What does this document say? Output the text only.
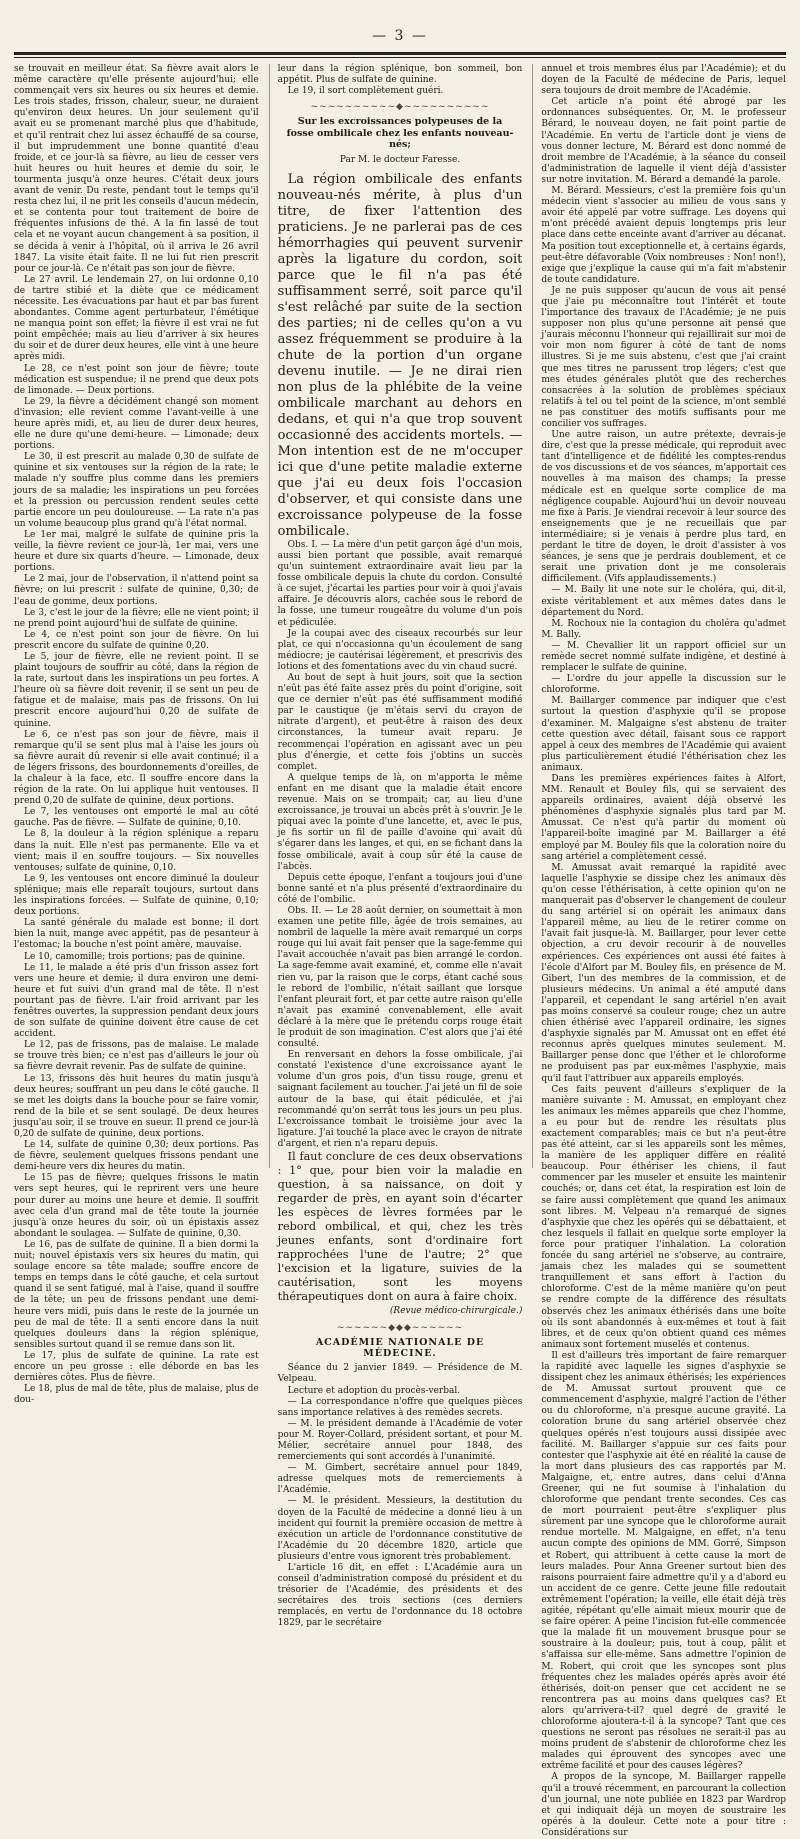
— 3 —

se trouvait en meilleur état. Sa fièvre avait alors le même caractère qu'elle présente aujourd'hui; elle commençait vers six heures ou six heures et demie. Les trois stades, frisson, chaleur, sueur, ne duraient qu'environ deux heures. Un jour seulement qu'il avait eu se promenant marché plus que d'habitude, et qu'il rentrait chez lui assez échauffé de sa course, il but imprudemment une bonne quantité d'eau froide, et ce jour-là sa fièvre, au lieu de cesser vers huit heures ou huit heures et demie du soir, le tourmenta jusqu'à onze heures. C'était deux jours avant de venir. Du reste, pendant tout le temps qu'il resta chez lui, il ne prit les conseils d'aucun médecin, et se contenta pour tout traitement de boire de fréquentes infusions de thé. A la fin lassé de tout cela et ne voyant aucun changement à sa position, il se décida à venir à l'hôpital, où il arriva le 26 avril 1847. La visite était faite. Il ne lui fut rien prescrit pour ce jour-là. Ce n'était pas son jour de fièvre.

Le 27 avril. Le lendemain 27, on lui ordonne 0,10 de tartre stibié et la diète que ce médicament nécessite. Les évacuations par haut et par bas furent abondantes. Comme agent perturbateur, l'émétique ne manqua point son effet; la fièvre il est vrai ne fut point empêchée; mais au lieu d'arriver à six heures du soir et de durer deux heures, elle vint à une heure après midi.

Le 28, ce n'est point son jour de fièvre; toute médication est suspendue; il ne prend que deux pots de limonade. — Deux portions.

Le 29, la fièvre a décidément changé son moment d'invasion; elle revient comme l'avant-veille à une heure après midi, et, au lieu de durer deux heures, elle ne dure qu'une demi-heure. — Limonade; deux portions.

Le 30, il est prescrit au malade 0,30 de sulfate de quinine et six ventouses sur la région de la rate; le malade n'y souffre plus comme dans les premiers jours de sa maladie; les inspirations un peu forcées et la pression ou percussion rendent seules cette partie encore un peu douloureuse. — La rate n'a pas un volume beaucoup plus grand qu'à l'état normal.

Le 1er mai, malgré le sulfate de quinine pris la veille, la fièvre revient ce jour-là, 1er mai, vers une heure et dure six quarts d'heure. — Limonade, deux portions.

Le 2 mai, jour de l'observation, il n'attend point sa fièvre; on lui prescrit : sulfate de quinine, 0,30; de l'eau de gomme, deux portions.

Le 3, c'est le jour de la fièvre; elle ne vient point; il ne prend point aujourd'hui de sulfate de quinine.

Le 4, ce n'est point son jour de fièvre. On lui prescrit encore du sulfate de quinine 0,20.

Le 5, jour de fièvre, elle ne revient point. Il se plaint toujours de souffrir au côté, dans la région de la rate, surtout dans les inspirations un peu fortes. A l'heure où sa fièvre doit revenir, il se sent un peu de fatigue et de malaise, mais pas de frissons. On lui prescrit encore aujourd'hui 0,20 de sulfate de quinine.

Le 6, ce n'est pas son jour de fièvre, mais il remarque qu'il se sent plus mal à l'aise les jours où sa fièvre aurait dû revenir si elle avait continué; il a de légers frissons, des bourdonnements d'oreilles, de la chaleur à la face, etc. Il souffre encore dans la région de la rate. On lui applique huit ventouses. Il prend 0,20 de sulfate de quinine, deux portions.

Le 7, les ventouses ont emporté le mal au côté gauche. Pas de fièvre. — Sulfate de quinine, 0,10.

Le 8, la douleur à la région splénique a reparu dans la nuit. Elle n'est pas permanente. Elle va et vient; mais il en souffre toujours. — Six nouvelles ventouses; sulfate de quinine, 0,10.

Le 9, les ventouses ont encore diminué la douleur splénique; mais elle reparaît toujours, surtout dans les inspirations forcées. — Sulfate de quinine, 0,10; deux portions.

La santé générale du malade est bonne; il dort bien la nuit, mange avec appétit, pas de pesanteur à l'estomac; la bouche n'est point amère, mauvaise.

Le 10, camomille; trois portions; pas de quinine.

Le 11, le malade a été pris d'un frisson assez fort vers une heure et demie; il dura environ une demi-heure et fut suivi d'un grand mal de tête. Il n'est pourtant pas de fièvre. L'air froid arrivant par les fenêtres ouvertes, la suppression pendant deux jours de son sulfate de quinine doivent être cause de cet accident.

Le 12, pas de frissons, pas de malaise. Le malade se trouve très bien; ce n'est pas d'ailleurs le jour où sa fièvre devrait revenir. Pas de sulfate de quinine.

Le 13, frissons dès huit heures du matin jusqu'à deux heures; souffrant un peu dans le côté gauche. Il se met les doigts dans la bouche pour se faire vomir, rend de la bile et se sent soulagé. De deux heures jusqu'au soir, il se trouve en sueur. Il prend ce jour-là 0,20 de sulfate de quinine, deux portions.

Le 14, sulfate de quinine 0,30; deux portions. Pas de fièvre, seulement quelques frissons pendant une demi-heure vers dix heures du matin.

Le 15 pas de fièvre; quelques frissons le matin vers sept heures, qui le reprirent vers une heure pour durer au moins une heure et demie. Il souffrit avec cela d'un grand mal de tête toute la journée jusqu'à onze heures du soir, où un épistaxis assez abondant le soulagea. — Sulfate de quinine, 0,30.

Le 16, pas de sulfate de quinine. Il a bien dormi la nuit; nouvel épistaxis vers six heures du matin, qui soulage encore sa tête malade; souffre encore de temps en temps dans le côté gauche, et cela surtout quand il se sent fatigué, mal à l'aise, quand il souffre de la tête; un peu de frissons pendant une demi-heure vers midi, puis dans le reste de la journée un peu de mal de tête. Il a senti encore dans la nuit quelques douleurs dans la région splénique, sensibles surtout quand il se remue dans son lit.

Le 17, plus de sulfate de quinine. La rate est encore un peu grosse : elle déborde en bas les dernières côtes. Plus de fièvre.

Le 18, plus de mal de tête, plus de malaise, plus de dou-

leur dans la région splénique, bon sommeil, bon appétit. Plus de sulfate de quinine.

Le 19, il sort complètement guéri.

~~~~~~~~~~◆~~~~~~~~~~
Sur les excroissances polypeuses de la fosse ombilicale chez les enfants nouveau-nés;
Par M. le docteur Faresse.

La région ombilicale des enfants nouveau-nés mérite, à plus d'un titre, de fixer l'attention des praticiens. Je ne parlerai pas de ces hémorrhagies qui peuvent survenir après la ligature du cordon, soit parce que le fil n'a pas été suffisamment serré, soit parce qu'il s'est relâché par suite de la section des parties; ni de celles qu'on a vu assez fréquemment se produire à la chute de la portion d'un organe devenu inutile. — Je ne dirai rien non plus de la phlébite de la veine ombilicale marchant au dehors en dedans, et qui n'a que trop souvent occasionné des accidents mortels. — Mon intention est de ne m'occuper ici que d'une petite maladie externe que j'ai eu deux fois l'occasion d'observer, et qui consiste dans une excroissance polypeuse de la fosse ombilicale.

Obs. I. — La mère d'un petit garçon âgé d'un mois, aussi bien portant que possible, avait remarqué qu'un suintement extraordinaire avait lieu par la fosse ombilicale depuis la chute du cordon. Consulté à ce sujet, j'écartai les parties pour voir à quoi j'avais affaire. Je découvris alors, cachée sous le rebord de la fosse, une tumeur rougeâtre du volume d'un pois et pédiculée.

Je la coupai avec des ciseaux recourbés sur leur plat, ce qui n'occasionna qu'un écoulement de sang médiocre; je cautérisai légèrement, et prescrivis des lotions et des fomentations avec du vin chaud sucré.

Au bout de sept à huit jours, soit que la section n'eût pas été faite assez près du point d'origine, soit que ce dernier n'eût pas été suffisamment modifié par le caustique (je m'étais servi du crayon de nitrate d'argent), et peut-être à raison des deux circonstances, la tumeur avait reparu. Je recommençai l'opération en agissant avec un peu plus d'énergie, et cette fois j'obtins un succès complet.

A quelque temps de là, on m'apporta le même enfant en me disant que la maladie était encore revenue. Mais on se trompait; car, au lieu d'une excroissance, je trouvai un abcès prêt à s'ouvrir. Je le piquai avec la pointe d'une lancette, et, avec le pus, je fis sortir un fil de paille d'avoine qui avait dû s'égarer dans les langes, et qui, en se fichant dans la fosse ombilicale, avait à coup sûr été la cause de l'abcès.

Depuis cette époque, l'enfant a toujours joui d'une bonne santé et n'a plus présenté d'extraordinaire du côté de l'ombilic.

Obs. II. — Le 28 août dernier, on soumettait à mon examen une petite fille, âgée de trois semaines, au nombril de laquelle la mère avait remarqué un corps rouge qui lui avait fait penser que la sage-femme qui l'avait accouchée n'avait pas bien arrangé le cordon. La sage-femme avait examiné, et, comme elle n'avait rien vu, par la raison que le corps, étant caché sous le rebord de l'ombilic, n'était saillant que lorsque l'enfant pleurait fort, et par cette autre raison qu'elle n'avait pas examiné convenablement, elle avait déclaré à la mère que le prétendu corps rouge était le produit de son imagination. C'est alors que j'ai été consulté.

En renversant en dehors la fosse ombilicale, j'ai constaté l'existence d'une excroissance ayant le volume d'un gros pois, d'un tissu rouge, grenu et saignant facilement au toucher. J'ai jeté un fil de soie autour de la base, qui était pédiculée, et j'ai recommandé qu'on serrât tous les jours un peu plus. L'excroissance tombait le troisième jour avec la ligature. J'ai touché la place avec le crayon de nitrate d'argent, et rien n'a reparu depuis.

Il faut conclure de ces deux observations : 1° que, pour bien voir la maladie en question, à sa naissance, on doit y regarder de près, en ayant soin d'écarter les espèces de lèvres formées par le rebord ombilical, et qui, chez les très jeunes enfants, sont d'ordinaire fort rapprochées l'une de l'autre; 2° que l'excision et la ligature, suivies de la cautérisation, sont les moyens thérapeutiques dont on aura à faire choix.

(Revue médico-chirurgicale.)
~~~~~~◆◆◆~~~~~~
ACADÉMIE NATIONALE DE MÉDECINE.

Séance du 2 janvier 1849. — Présidence de M. Velpeau.

Lecture et adoption du procès-verbal.

— La correspondance n'offre que quelques pièces sans importance relatives à des remèdes secrets.

— M. le président demande à l'Académie de voter pour M. Royer-Collard, président sortant, et pour M. Mélier, secrétaire annuel pour 1848, des remerciements qui sont accordés à l'unanimité.

— M. Gimbert, secrétaire annuel pour 1849, adresse quelques mots de remerciements à l'Académie.

— M. le président. Messieurs, la destitution du doyen de la Faculté de médecine a donné lieu à un incident qui fournit la première occasion de mettre à exécution un article de l'ordonnance constitutive de l'Académie du 20 décembre 1820, article que plusieurs d'entre vous ignorent très probablement.

L'article 16 dit, en effet : L'Académie aura un conseil d'administration composé du président et du trésorier de l'Académie, des présidents et des secrétaires des trois sections (ces derniers remplacés, en vertu de l'ordonnance du 18 octobre 1829, par le secrétaire

annuel et trois membres élus par l'Académie); et du doyen de la Faculté de médecine de Paris, lequel sera toujours de droit membre de l'Académie.

Cet article n'a point été abrogé par les ordonnances subséquentes. Or, M. le professeur Bérard, le nouveau doyen, ne fait point partie de l'Académie. En vertu de l'article dont je viens de vous donner lecture, M. Bérard est donc nommé de droit membre de l'Académie, à la séance du conseil d'administration de laquelle il vient déjà d'assister sur notre invitation. M. Bérard a demandé la parole.

M. Bérard. Messieurs, c'est la première fois qu'un médecin vient s'associer au milieu de vous sans y avoir été appelé par votre suffrage. Les doyens qui m'ont précédé avaient depuis longtemps pris leur place dans cette enceinte avant d'arriver au décanat. Ma position tout exceptionnelle et, à certains égards, peut-être défavorable (Voix nombreuses : Non! non!), exige que j'explique la cause qui m'a fait m'abstenir de toute candidature.

Je ne puis supposer qu'aucun de vous ait pensé que j'aie pu méconnaître tout l'intérêt et toute l'importance des travaux de l'Académie; je ne puis supposer non plus qu'une personne ait pensé que j'aurais méconnu l'honneur qui rejaillirait sur moi de voir mon nom figurer à côté de tant de noms illustres. Si je me suis abstenu, c'est que j'ai craint que mes titres ne parussent trop légers; c'est que mes études générales plutôt que des recherches consacrées à la solution de problèmes spéciaux relatifs à tel ou tel point de la science, m'ont semblé ne pas constituer des motifs suffisants pour me concilier vos suffrages.

Une autre raison, un autre prétexte, devrais-je dire, c'est que la presse médicale, qui reproduit avec tant d'intelligence et de fidélité les comptes-rendus de vos discussions et de vos séances, m'apportait ces nouvelles à ma maison des champs; la presse médicale est en quelque sorte complice de ma négligence coupable. Aujourd'hui un devoir nouveau me fixe à Paris. Je viendrai recevoir à leur source des enseignements que je ne recueillais que par intermédiaire; si je venais à perdre plus tard, en perdant le titre de doyen, le droit d'assister à vos séances, je sens que je perdrais doublement, et ce serait une privation dont je me consolerais difficilement. (Vifs applaudissements.)

— M. Baily lit une note sur le choléra, qui, dit-il, existe véritablement et aux mêmes dates dans le département du Nord.

M. Rochoux nie la contagion du choléra qu'admet M. Bally.

— M. Chevallier lit un rapport officiel sur un remède secret nommé sulfate indigène, et destiné à remplacer le sulfate de quinine.

— L'ordre du jour appelle la discussion sur le chloroforme.

M. Baillarger commence par indiquer que c'est surtout la question d'asphyxie qu'il se propose d'examiner. M. Malgaigne s'est abstenu de traiter cette question avec détail, faisant sous ce rapport appel à ceux des membres de l'Académie qui avaient plus particulièrement étudié l'éthérisation chez les animaux.

Dans les premières expériences faites à Alfort, MM. Renault et Bouley fils, qui se servaient des appareils ordinaires, avaient déjà observé les phénomènes d'asphyxie signalés plus tard par M. Amussat. Ce n'est qu'à partir du moment où l'appareil-boîte imaginé par M. Baillarger a été employé par M. Bouley fils que la coloration noire du sang artériel a complètement cessé.

M. Amussat avait remarqué la rapidité avec laquelle l'asphyxie se dissipe chez les animaux dès qu'on cesse l'éthérisation, à cette opinion qu'on ne manquerait pas d'observer le changement de couleur du sang artériel si on opérait les animaux dans l'appareil même, au lieu de le retirer comme on l'avait fait jusque-là. M. Baillarger, pour lever cette objection, a cru devoir recourir à de nouvelles expériences. Ces expériences ont aussi été faites à l'école d'Alfort par M. Bouley fils, en présence de M. Gibert, l'un des membres de la commission, et de plusieurs médecins. Un animal a été amputé dans l'appareil, et cependant le sang artériel n'en avait pas moins conservé sa couleur rouge; chez un autre chien éthérisé avec l'appareil ordinaire, les signes d'asphyxie signalés par M. Amussat ont en effet été reconnus après quelques minutes seulement. M. Baillarger pense donc que l'éther et le chloroforme ne produisent pas par eux-mêmes l'asphyxie, mais qu'il faut l'attribuer aux appareils employés.

Ces faits peuvent d'ailleurs s'expliquer de la manière suivante : M. Amussat, en employant chez les animaux les mêmes appareils que chez l'homme, a eu pour but de rendre les résultats plus exactement comparables; mais ce but n'a peut-être pas été atteint, car si les appareils sont les mêmes, la manière de les appliquer diffère en réalité beaucoup. Pour éthériser les chiens, il faut commencer par les museler et ensuite les maintenir couchés; or, dans cet état, la respiration est loin de se faire aussi complètement que quand les animaux sont libres. M. Velpeau n'a remarqué de signes d'asphyxie que chez les opérés qui se débattaient, et chez lesquels il fallait en quelque sorte employer la force pour pratiquer l'inhalation. La coloration foncée du sang artériel ne s'observe, au contraire, jamais chez les malades qui se soumettent tranquillement et sans effort à l'action du chloroforme. C'est de la même manière qu'on peut se rendre compte de la différence des résultats observés chez les animaux éthérisés dans une boîte où ils sont abandonnés à eux-mêmes et tout à fait libres, et de ceux qu'on obtient quand ces mêmes animaux sont fortement muselés et contenus.

Il est d'ailleurs très important de faire remarquer la rapidité avec laquelle les signes d'asphyxie se dissipent chez les animaux éthérisés; les expériences de M. Amussat surtout prouvent que ce commencement d'asphyxie, malgré l'action de l'éther ou du chloroforme, n'a presque aucune gravité. La coloration brune du sang artériel observée chez quelques opérés n'est toujours aussi dissipée avec facilité. M. Baillarger s'appuie sur ces faits pour contester que l'asphyxie ait été en réalité la cause de la mort dans plusieurs des cas rapportés par M. Malgaigne, et, entre autres, dans celui d'Anna Greener, qui ne fut soumise à l'inhalation du chloroforme que pendant trente secondes. Ces cas de mort pourraient peut-être s'expliquer plus sûrement par une syncope que le chloroforme aurait rendue mortelle. M. Malgaigne, en effet, n'a tenu aucun compte des opinions de MM. Gorré, Simpson et Robert, qui attribuent à cette cause la mort de leurs malades. Pour Anna Greener surtout bien des raisons pourraient faire admettre qu'il y a d'abord eu un accident de ce genre. Cette jeune fille redoutait extrêmement l'opération; la veille, elle était déjà très agitée, répétant qu'elle aimait mieux mourir que de se faire opérer. A peine l'incision fut-elle commencée que la malade fit un mouvement brusque pour se soustraire à la douleur; puis, tout à coup, pâlit et s'affaissa sur elle-même. Sans admettre l'opinion de M. Robert, qui croit que les syncopes sont plus fréquentes chez les malades opérés après avoir été éthérisés, doit-on penser que cet accident ne se rencontrera pas au moins dans quelques cas? Et alors qu'arrivera-t-il? quel degré de gravité le chloroforme ajoutera-t-il à la syncope? Tant que ces questions ne seront pas résolues ne serait-il pas au moins prudent de s'abstenir de chloroforme chez les malades qui éprouvent des syncopes avec une extrême facilité et pour des causes légères?

A propos de la syncope, M. Baillarger rappelle qu'il a trouvé récemment, en parcourant la collection d'un journal, une note publiée en 1823 par Wardrop et qui indiquait déjà un moyen de soustraire les opérés à la douleur. Cette note a pour titre : Considérations sur
